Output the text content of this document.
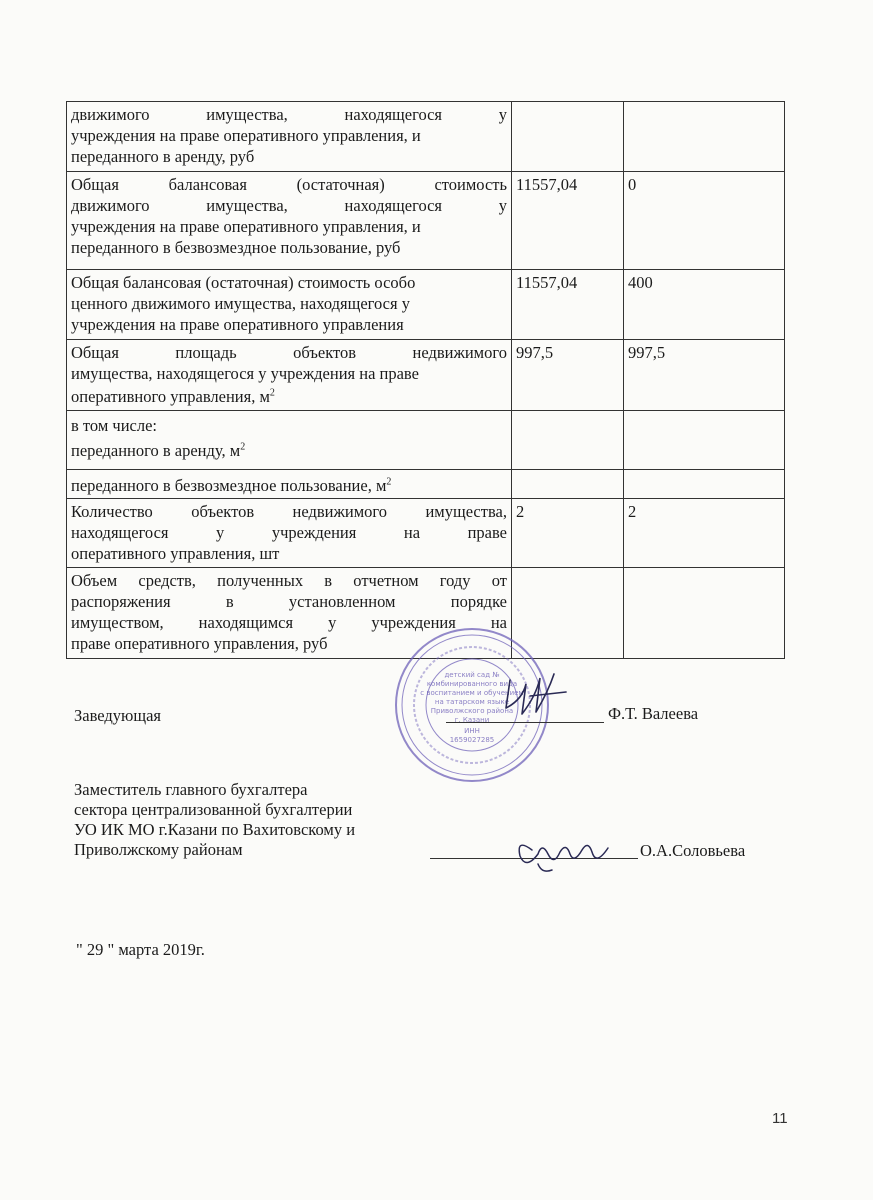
движимого имущества, находящегося у
учреждения на праве оперативного управления, и
переданного в аренду, руб		

Общая балансовая (остаточная) стоимость
движимого имущества, находящегося у
учреждения на праве оперативного управления, и
переданного в безвозмездное пользование, руб	11557,04	0

Общая балансовая (остаточная) стоимость особо
ценного движимого имущества, находящегося у
учреждения на праве оперативного управления	11557,04	400

Общая площадь объектов недвижимого
имущества, находящегося у учреждения на праве
оперативного управления, $м^2$	997,5	997,5

в том числе:
переданного в аренду, $м^2$

переданного в безвозмездное пользование, $м^2$

Количество объектов недвижимого имущества,
находящегося у учреждения на праве
оперативного управления, шт	2	2

Объем средств, полученных в отчетном году от
распоряжения в установленном порядке
имуществом, находящимся у учреждения на
праве оперативного управления, руб		

детский сад №
комбинированного вида
с воспитанием и обучением
на татарском языке
Приволжского района
г. Казани
ИНН
1659027285
Заведующая	Ф.Т. Валеева
Заместитель главного бухгалтера
сектора централизованной бухгалтерии
УО ИК МО г.Казани по Вахитовскому и
Приволжскому районам	О.А.Соловьева
" 29 " марта 2019г.
11
